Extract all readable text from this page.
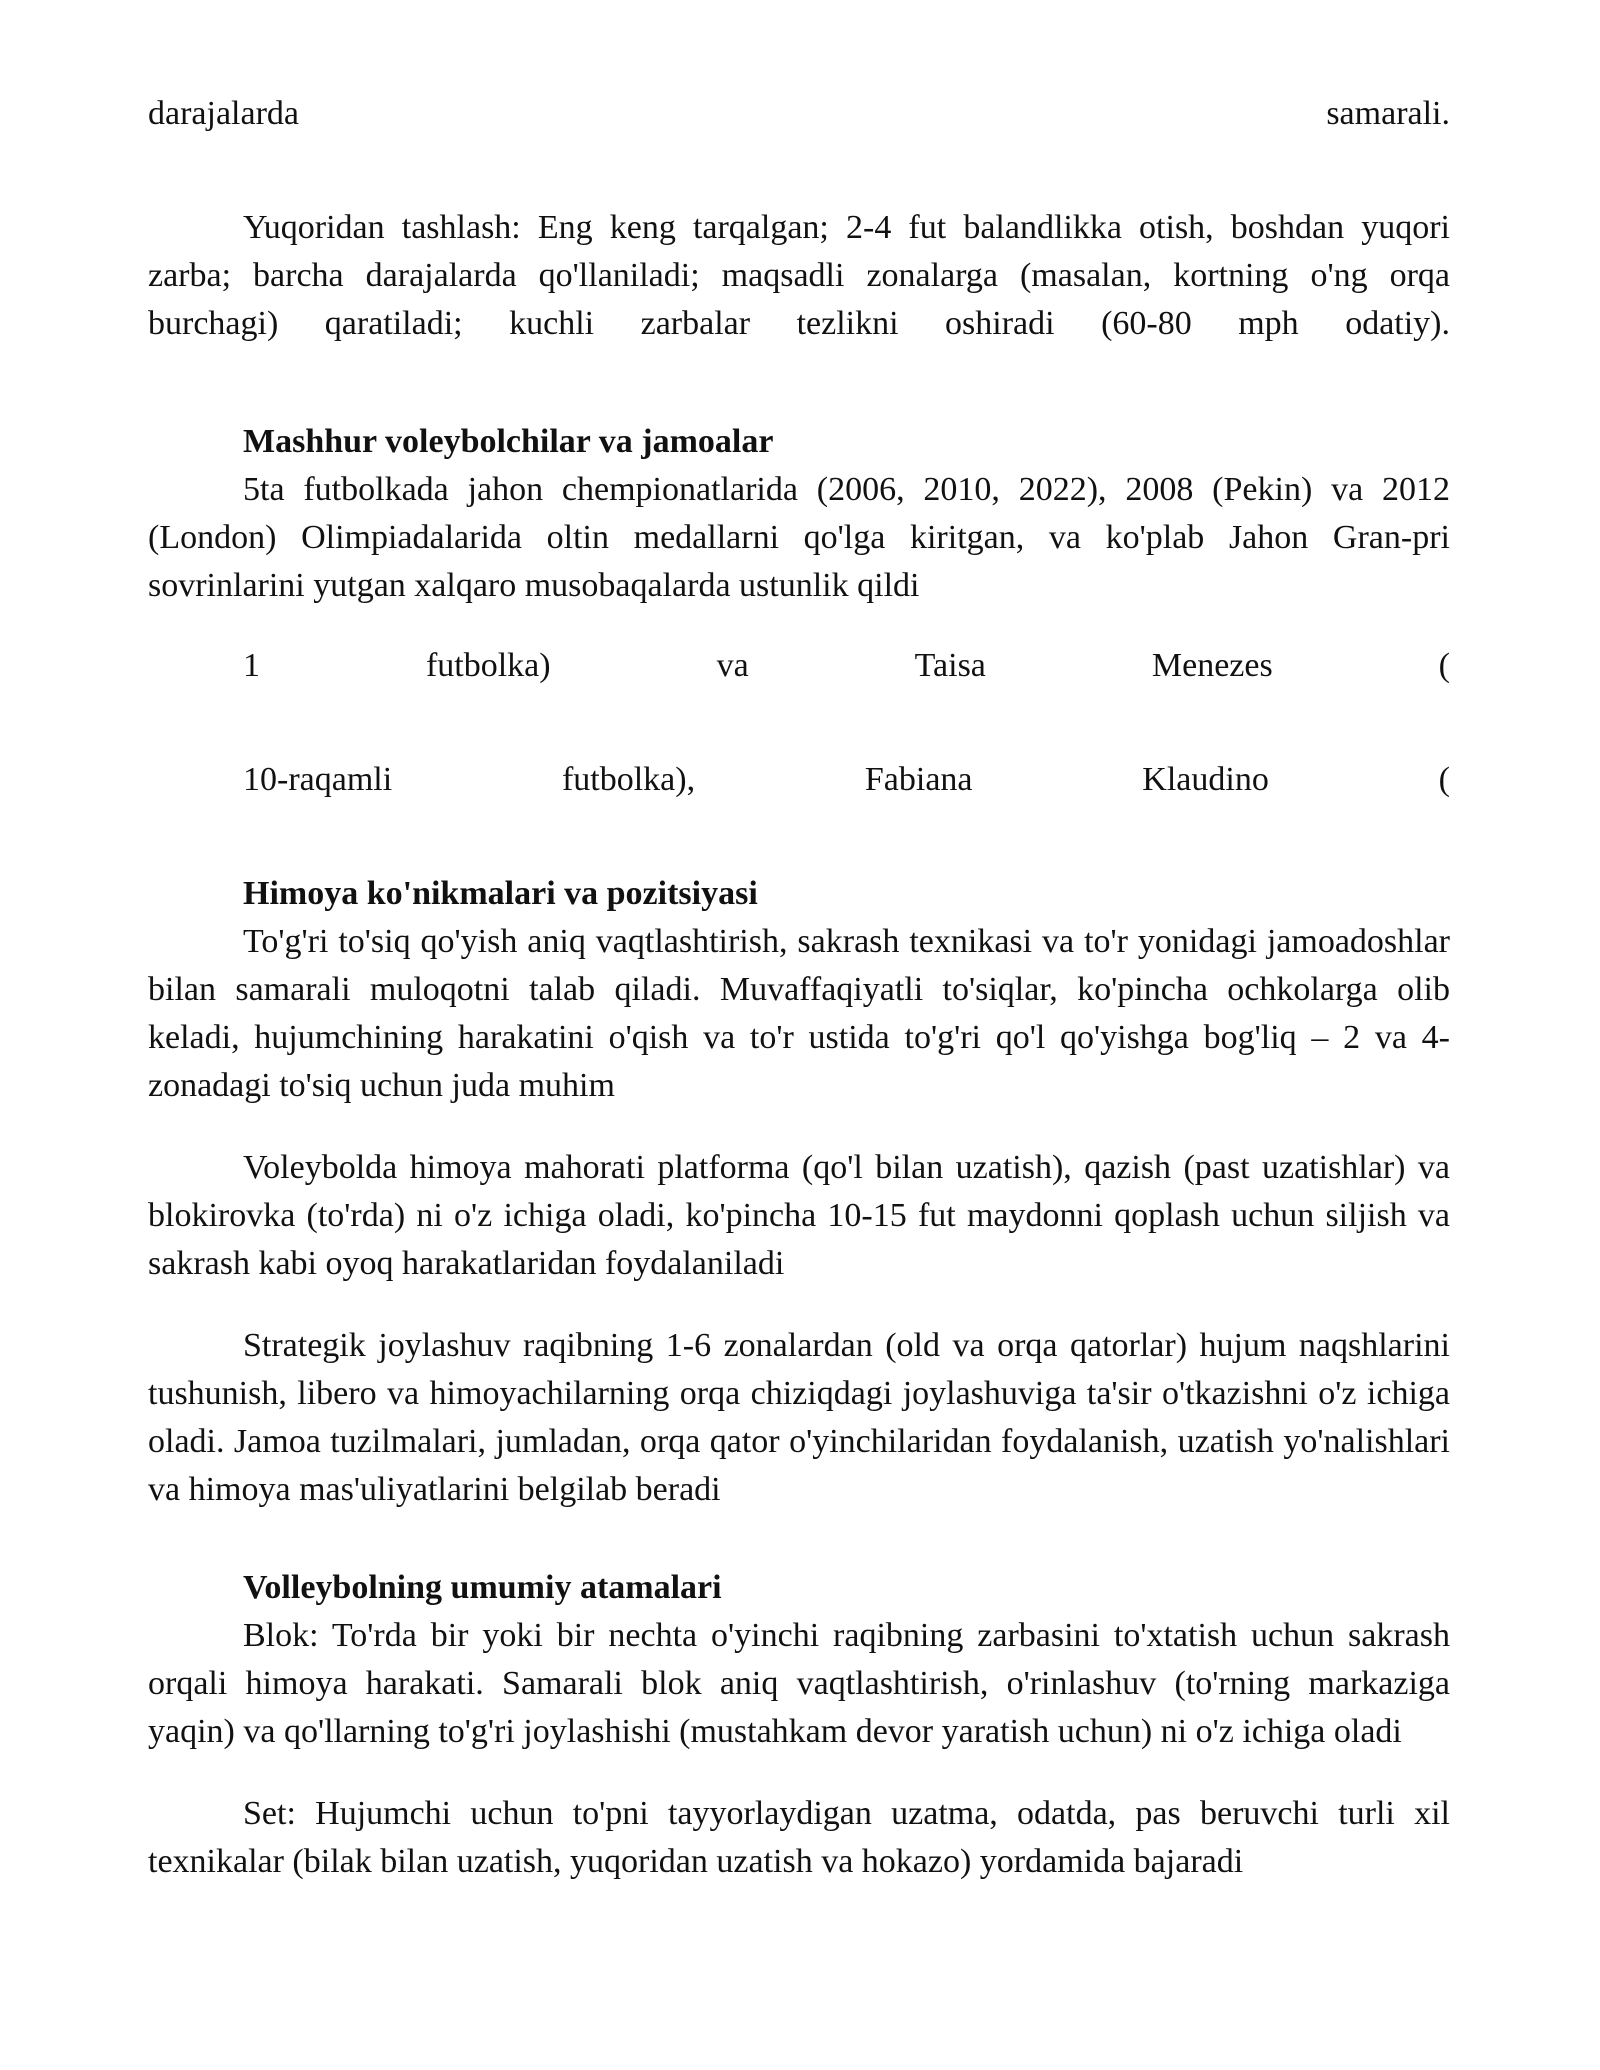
darajalarda	samarali.

Yuqoridan tashlash: Eng keng tarqalgan; 2-4 fut balandlikka otish, boshdan yuqori zarba; barcha darajalarda qo'llaniladi; maqsadli zonalarga (masalan, kortning o'ng orqa burchagi) qaratiladi; kuchli zarbalar tezlikni oshiradi (60-80 mph odatiy).

Mashhur voleybolchilar va jamoalar

5ta futbolkada jahon chempionatlarida (2006, 2010, 2022), 2008 (Pekin) va 2012 (London) Olimpiadalarida oltin medallarni qo'lga kiritgan, va ko'plab Jahon Gran-pri sovrinlarini yutgan xalqaro musobaqalarda ustunlik qildi

1	futbolka)	va	Taisa	Menezes	(
10-raqamli	futbolka),	Fabiana	Klaudino	(
Himoya ko'nikmalari va pozitsiyasi

To'g'ri to'siq qo'yish aniq vaqtlashtirish, sakrash texnikasi va to'r yonidagi jamoadoshlar bilan samarali muloqotni talab qiladi. Muvaffaqiyatli to'siqlar, ko'pincha ochkolarga olib keladi, hujumchining harakatini o'qish va to'r ustida to'g'ri qo'l qo'yishga bog'liq – 2 va 4-zonadagi to'siq uchun juda muhim

Voleybolda himoya mahorati platforma (qo'l bilan uzatish), qazish (past uzatishlar) va blokirovka (to'rda) ni o'z ichiga oladi, ko'pincha 10-15 fut maydonni qoplash uchun siljish va sakrash kabi oyoq harakatlaridan foydalaniladi

Strategik joylashuv raqibning 1-6 zonalardan (old va orqa qatorlar) hujum naqshlarini tushunish, libero va himoyachilarning orqa chiziqdagi joylashuviga ta'sir o'tkazishni o'z ichiga oladi. Jamoa tuzilmalari, jumladan, orqa qator o'yinchilaridan foydalanish, uzatish yo'nalishlari va himoya mas'uliyatlarini belgilab beradi

Volleybolning umumiy atamalari

Blok: To'rda bir yoki bir nechta o'yinchi raqibning zarbasini to'xtatish uchun sakrash orqali himoya harakati. Samarali blok aniq vaqtlashtirish, o'rinlashuv (to'rning markaziga yaqin) va qo'llarning to'g'ri joylashishi (mustahkam devor yaratish uchun) ni o'z ichiga oladi

Set: Hujumchi uchun to'pni tayyorlaydigan uzatma, odatda, pas beruvchi turli xil texnikalar (bilak bilan uzatish, yuqoridan uzatish va hokazo) yordamida bajaradi
